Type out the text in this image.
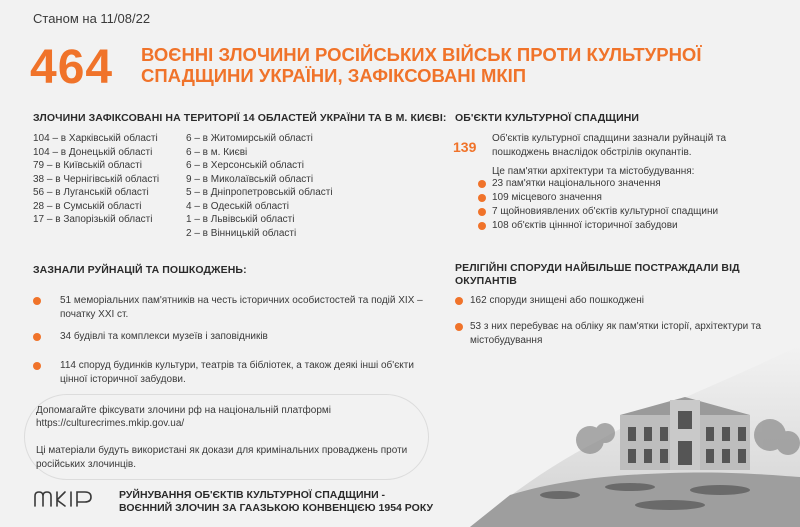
Станом на 11/08/22
464 ВОЄННІ ЗЛОЧИНИ РОСІЙСЬКИХ ВІЙСЬК ПРОТИ КУЛЬТУРНОЇ СПАДЩИНИ УКРАЇНИ, ЗАФІКСОВАНІ МКІП
ЗЛОЧИНИ ЗАФІКСОВАНІ НА ТЕРИТОРІЇ 14 ОБЛАСТЕЙ УКРАЇНИ ТА В М. КИЄВІ:
104 – в Харківській області
104 – в Донецькій області
79 – в Київській області
38 – в Чернігівській області
56 – в Луганській області
28 – в Сумській області
17 – в Запорізькій області
6 – в Житомирській області
6 – в м. Києві
6 – в Херсонській області
9 – в Миколаївській області
5 – в Дніпропетровській області
4 – в Одеській області
1 – в Львівській області
2 – в Вінницькій області
ОБ'ЄКТИ КУЛЬТУРНОЇ СПАДЩИНИ
139
Об'єктів культурної спадщини зазнали руйнацій та пошкоджень внаслідок обстрілів окупантів.
Це пам'ятки архітектури та містобудування:
23 пам'ятки національного значення
109 місцевого значення
7 щойновиявлених об'єктів культурної спадщини
108 об'єктів ціннної історичної забудови
ЗАЗНАЛИ РУЙНАЦІЙ ТА ПОШКОДЖЕНЬ:
51 меморіальних пам'ятників на честь історичних особистостей та подій ХІХ – початку ХХІ ст.
34 будівлі та комплекси музеїв і заповідників
114 споруд будинків культури, театрів та бібліотек, а також деякі інші об'єкти цінної історичної забудови.
РЕЛІГІЙНІ СПОРУДИ НАЙБІЛЬШЕ ПОСТРАЖДАЛИ ВІД ОКУПАНТІВ
162 споруди знищені або пошкоджені
53 з них перебуває на обліку як пам'ятки історії, архітектури та містобудування
Допомагайте фіксувати злочини рф на національній платформі
https://culturecrimes.mkip.gov.ua/
Ці матеріали будуть використані як докази для кримінальних проваджень проти російських злочинців.
РУЙНУВАННЯ ОБ'ЄКТІВ КУЛЬТУРНОЇ СПАДЩИНИ - ВОЄННИЙ ЗЛОЧИН ЗА ГААЗЬКОЮ КОНВЕНЦІЄЮ 1954 РОКУ
